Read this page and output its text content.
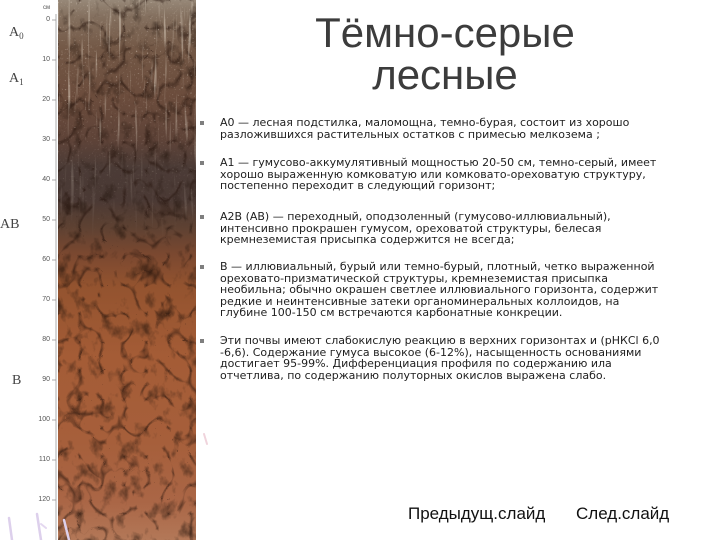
см
0
10
20
30
40
50
60
70
80
90
100
110
120
$A_0$
$A_1$
AB
B
Тёмно-серые
лесные
А0 — лесная подстилка, маломощна, темно-бурая, состоит из хорошо
разложившихся растительных остатков с примесью мелкозема ;
А1 — гумусово-аккумулятивный мощностью 20-50 см, темно-серый, имеет
хорошо выраженную комковатую или комковато-ореховатую структуру,
постепенно переходит в следующий горизонт;
А2В (АВ) — переходный, оподзоленный (гумусово-иллювиальный),
интенсивно прокрашен гумусом, ореховатой структуры, белесая
кремнеземистая присыпка содержится не всегда;
В — иллювиальный, бурый или темно-бурый, плотный, четко выраженной
ореховато-призматической структуры, кремнеземистая присыпка
необильна; обычно окрашен светлее иллювиального горизонта, содержит
редкие и неинтенсивные затеки органоминеральных коллоидов, на
глубине 100-150 см встречаются карбонатные конкреции.
Эти почвы имеют слабокислую реакцию в верхних горизонтах и (рНКСl 6,0
-6,6). Содержание гумуса высокое (6-12%), насыщенность основаниями
достигает 95-99%. Дифференциация профиля по содержанию ила
отчетлива, по содержанию полуторных окислов выражена слабо.
Предыдущ.слайд След.слайд
